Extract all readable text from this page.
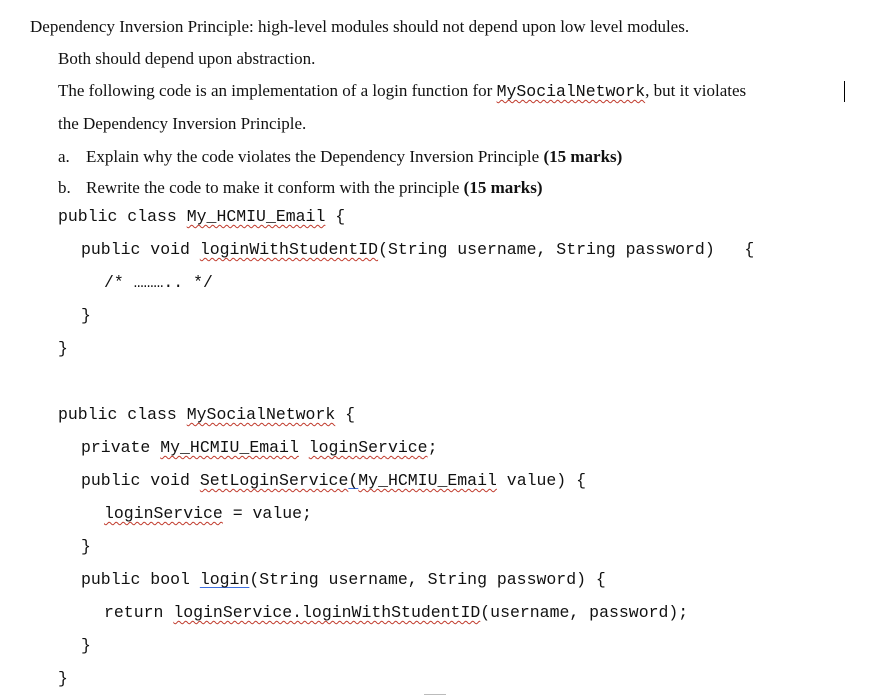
Dependency Inversion Principle: high-level modules should not depend upon low level modules.
Both should depend upon abstraction.
The following code is an implementation of a login function for MySocialNetwork, but it violates
the Dependency Inversion Principle.
a. Explain why the code violates the Dependency Inversion Principle (15 marks)
b. Rewrite the code to make it conform with the principle (15 marks)
public class My_HCMIU_Email {
public void loginWithStudentID(String username, String password)   {
/* ……….. */
}
}
public class MySocialNetwork {
private My_HCMIU_Email loginService;
public void SetLoginService(My_HCMIU_Email value) {
loginService = value;
}
public bool login(String username, String password) {
return loginService.loginWithStudentID(username, password);
}
}
